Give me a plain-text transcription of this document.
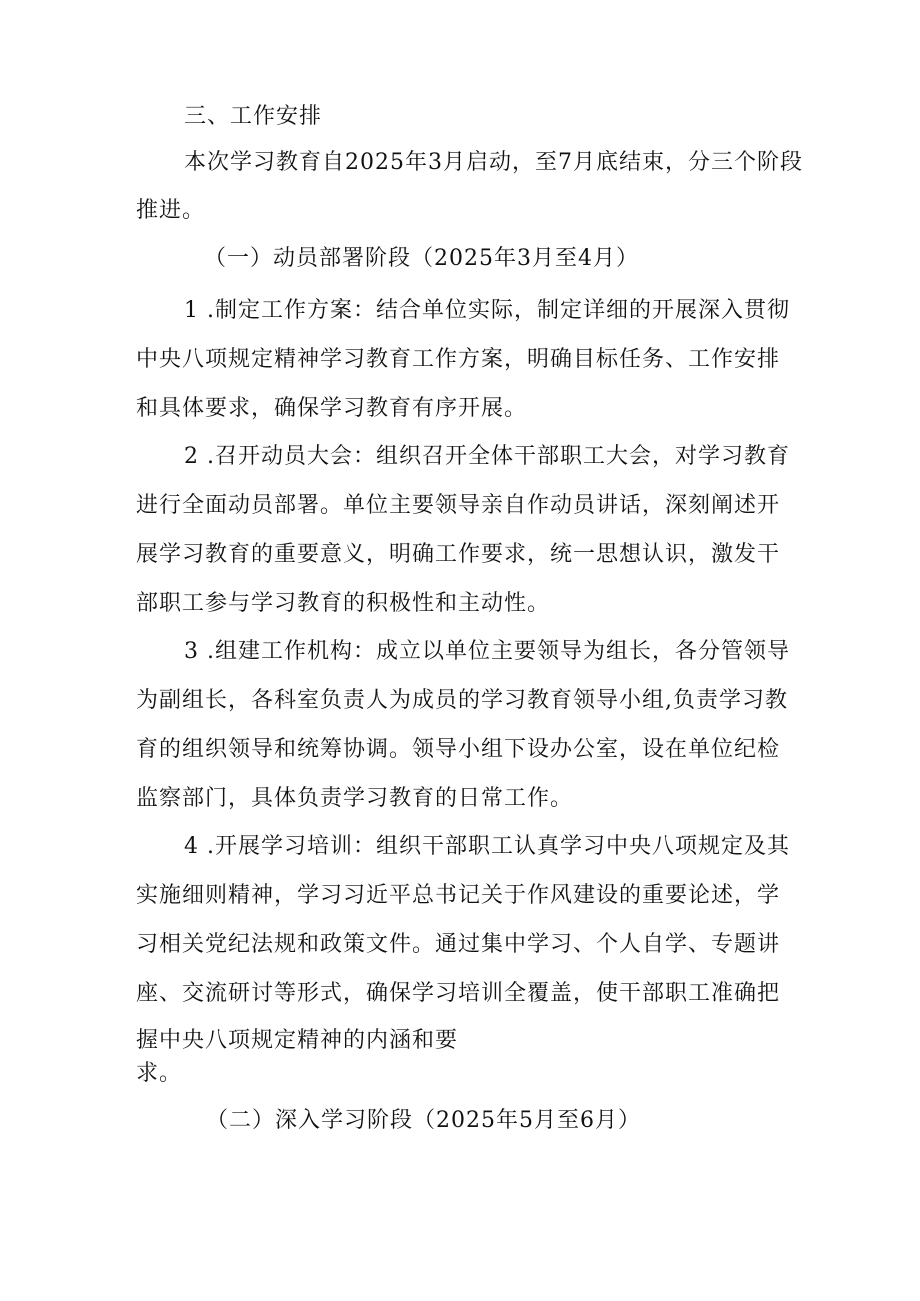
三、工作安排
本次学习教育自2025年3月启动，至7月底结束，分三个阶段
推进。
（一）动员部署阶段（2025年3月至4月）
1 .制定工作方案：结合单位实际，制定详细的开展深入贯彻
中央八项规定精神学习教育工作方案，明确目标任务、工作安排
和具体要求，确保学习教育有序开展。
2 .召开动员大会：组织召开全体干部职工大会，对学习教育
进行全面动员部署。单位主要领导亲自作动员讲话，深刻阐述开
展学习教育的重要意义，明确工作要求，统一思想认识，激发干
部职工参与学习教育的积极性和主动性。
3 .组建工作机构：成立以单位主要领导为组长，各分管领导
为副组长，各科室负责人为成员的学习教育领导小组,负责学习教
育的组织领导和统筹协调。领导小组下设办公室，设在单位纪检
监察部门，具体负责学习教育的日常工作。
4 .开展学习培训：组织干部职工认真学习中央八项规定及其
实施细则精神，学习习近平总书记关于作风建设的重要论述，学
习相关党纪法规和政策文件。通过集中学习、个人自学、专题讲
座、交流研讨等形式，确保学习培训全覆盖，使干部职工准确把
握中央八项规定精神的内涵和要
求。
（二）深入学习阶段（2025年5月至6月）
